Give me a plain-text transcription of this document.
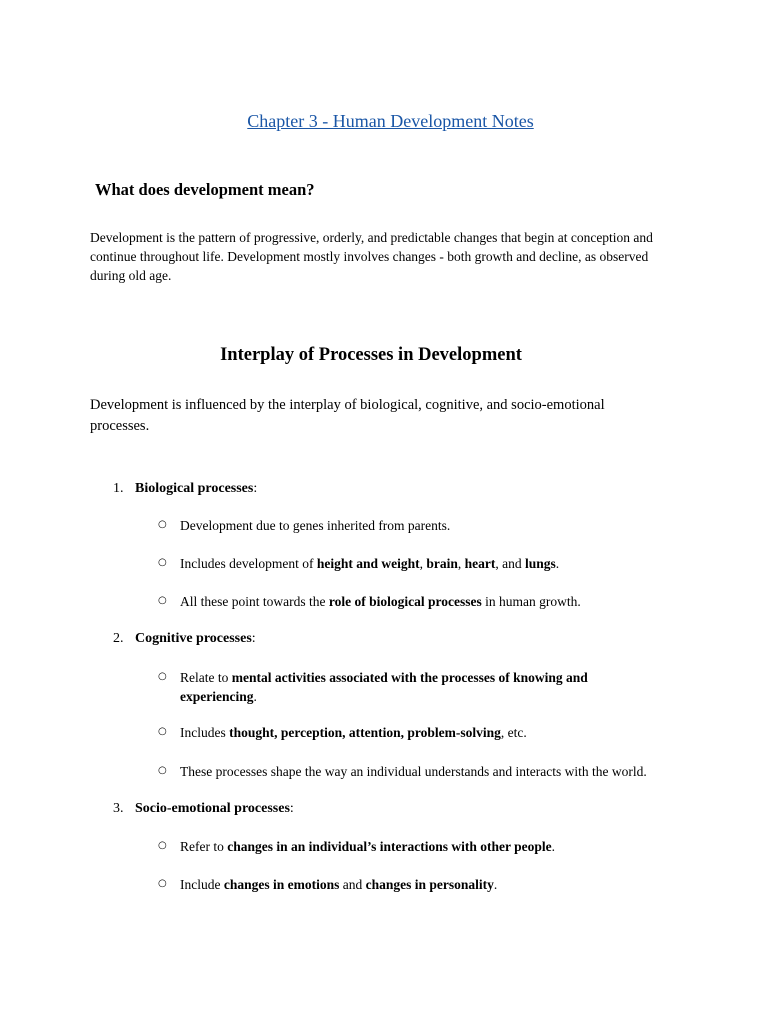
Chapter 3 - Human Development Notes
What does development mean?
Development is the pattern of progressive, orderly, and predictable changes that begin at conception and continue throughout life. Development mostly involves changes - both growth and decline, as observed during old age.
Interplay of Processes in Development
Development is influenced by the interplay of biological, cognitive, and socio-emotional processes.
1. Biological processes:
○ Development due to genes inherited from parents.
○ Includes development of height and weight, brain, heart, and lungs.
○ All these point towards the role of biological processes in human growth.
2. Cognitive processes:
○ Relate to mental activities associated with the processes of knowing and experiencing.
○ Includes thought, perception, attention, problem-solving, etc.
○ These processes shape the way an individual understands and interacts with the world.
3. Socio-emotional processes:
○ Refer to changes in an individual’s interactions with other people.
○ Include changes in emotions and changes in personality.
